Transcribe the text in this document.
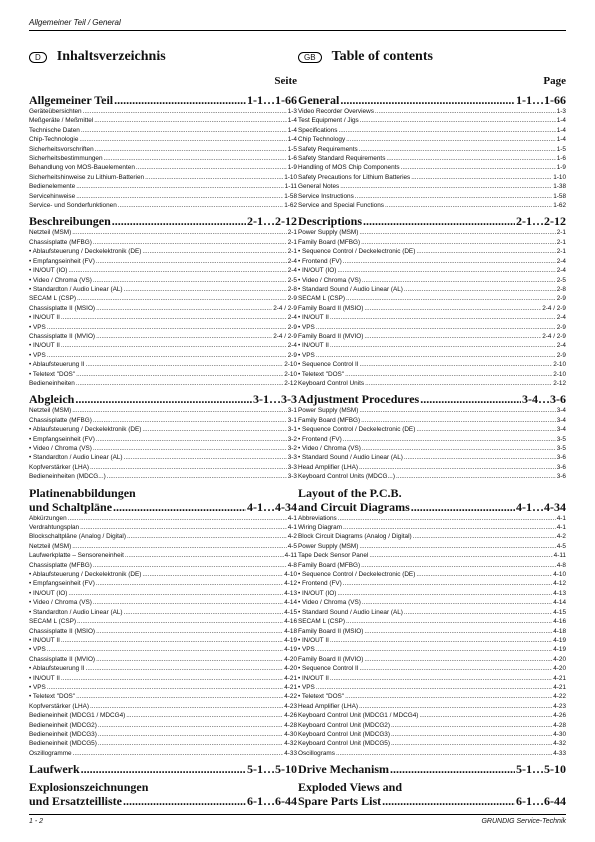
Allgemeiner Teil / General
D	Inhaltsverzeichnis
Seite
Allgemeiner Teil .....	1-1…1-66
Geräteübersichten .....	1-3
Meßgeräte / Meßmittel .....	1-4
Technische Daten .....	1-4
Chip-Technologie .....	1-4
Sicherheitsvorschriften .....	1-5
Sicherheitsbestimmungen .....	1-6
Behandlung von MOS-Bauelementen .....	1-9
Sicherheitshinweise zu Lithium-Batterien .....	1-10
Bedienelemente .....	1-11
Servicehinweise .....	1-58
Service- und Sonderfunktionen .....	1-62
Beschreibungen .....	2-1…2-12
Netzteil (MSM) .....	2-1
Chassisplatte (MFBG) .....	2-1
• Ablaufsteuerung / Deckelektronik (DE) .....	2-1
• Empfangseinheit (FV) .....	2-4
• IN/OUT (IO) .....	2-4
• Video / Chroma (VS) .....	2-5
• Standardton / Audio Linear (AL) .....	2-8
SECAM L (CSP) .....	2-9
Chassisplatte II (MSIO) .....	2-4 / 2-9
• IN/OUT II .....	2-4
• VPS .....	2-9
Chassisplatte II (MVIO) .....	2-4 / 2-9
• IN/OUT II .....	2-4
• VPS .....	2-9
• Ablaufsteuerung II .....	2-10
• Teletext "DOS" .....	2-10
Bedieneinheiten .....	2-12
Abgleich .....	3-1…3-3
Netzteil (MSM) .....	3-1
Chassisplatte (MFBG) .....	3-1
• Ablaufsteuerung / Deckelektronik (DE) .....	3-1
• Empfangseinheit (FV) .....	3-2
• Video / Chroma (VS) .....	3-2
• Standardton / Audio Linear (AL) .....	3-3
Kopfverstärker (LHA) .....	3-3
Bedieneinheiten (MDCG...) .....	3-3
Platinenabbildungen
und Schaltpläne .....	4-1…4-34
Abkürzungen .....	4-1
Verdrahtungsplan .....	4-1
Blockschaltpläne (Analog / Digital) .....	4-2
Netzteil (MSM) .....	4-5
Laufwerkplatte – Sensoreneinheit .....	4-11
Chassisplatte (MFBG) .....	4-8
• Ablaufsteuerung / Deckelektronik (DE) .....	4-10
• Empfangseinheit (FV) .....	4-12
• IN/OUT (IO) .....	4-13
• Video / Chroma (VS) .....	4-14
• Standardton / Audio Linear (AL) .....	4-15
SECAM L (CSP) .....	4-16
Chassisplatte II (MSIO) .....	4-18
• IN/OUT II .....	4-19
• VPS .....	4-19
Chassisplatte II (MVIO) .....	4-20
• Ablaufsteuerung II .....	4-20
• IN/OUT II .....	4-21
• VPS .....	4-21
• Teletext "DOS" .....	4-22
Kopfverstärker (LHA) .....	4-23
Bedieneinheit (MDCG1 / MDCG4) .....	4-26
Bedieneinheit (MDCG2) .....	4-28
Bedieneinheit (MDCG3) .....	4-30
Bedieneinheit (MDCG5) .....	4-32
Oszillogramme .....	4-33
Laufwerk .....	5-1…5-10
Explosionszeichnungen
und Ersatzteilliste .....	6-1…6-44
GB	Table of contents
Page
General .....	1-1…1-66
Video Recorder Overviews .....	1-3
Test Equipment / Jigs .....	1-4
Specifications .....	1-4
Chip Technology .....	1-4
Safety Requirements .....	1-5
Safety Standard Requirements .....	1-6
Handling of MOS Chip Components .....	1-9
Safety Precautions for Lithium Batteries .....	1-10
General Notes .....	1-38
Service Instructions .....	1-58
Service and Special Functions .....	1-62
Descriptions .....	2-1…2-12
Power Supply (MSM) .....	2-1
Family Board (MFBG) .....	2-1
• Sequence Control / Deckelectronic (DE) .....	2-1
• Frontend (FV) .....	2-4
• IN/OUT (IO) .....	2-4
• Video / Chroma (VS) .....	2-5
• Standard Sound / Audio Linear (AL) .....	2-8
SECAM L (CSP) .....	2-9
Family Board II (MSIO) .....	2-4 / 2-9
• IN/OUT II .....	2-4
• VPS .....	2-9
Family Board II (MVIO) .....	2-4 / 2-9
• IN/OUT II .....	2-4
• VPS .....	2-9
• Sequence Control II .....	2-10
• Teletext "DOS" .....	2-10
Keyboard Control Units .....	2-12
Adjustment Procedures .....	3-4…3-6
Power Supply (MSM) .....	3-4
Family Board (MFBG) .....	3-4
• Sequence Control / Deckelectronic (DE) .....	3-4
• Frontend (FV) .....	3-5
• Video / Chroma (VS) .....	3-5
• Standard Sound / Audio Linear (AL) .....	3-6
Head Amplifier (LHA) .....	3-6
Keyboard Control Units (MDCG...) .....	3-6
Layout of the P.C.B.
and Circuit Diagrams .....	4-1…4-34
Abbreviations .....	4-1
Wiring Diagram .....	4-1
Block Circuit Diagrams (Analog / Digital) .....	4-2
Power Supply (MSM) .....	4-5
Tape Deck Sensor Panel .....	4-11
Family Board (MFBG) .....	4-8
• Sequence Control / Deckelectronic (DE) .....	4-10
• Frontend (FV) .....	4-12
• IN/OUT (IO) .....	4-13
• Video / Chroma (VS) .....	4-14
• Standard Sound / Audio Linear (AL) .....	4-15
SECAM L (CSP) .....	4-16
Family Board II (MSIO) .....	4-18
• IN/OUT II .....	4-19
• VPS .....	4-19
Family Board II (MVIO) .....	4-20
• Sequence Control II .....	4-20
• IN/OUT II .....	4-21
• VPS .....	4-21
• Teletext "DOS" .....	4-22
Head Amplifier (LHA) .....	4-23
Keyboard Control Unit (MDCG1 / MDCG4) .....	4-26
Keyboard Control Unit (MDCG2) .....	4-28
Keyboard Control Unit (MDCG3) .....	4-30
Keyboard Control Unit (MDCG5) .....	4-32
Oscillograms .....	4-33
Drive Mechanism .....	5-1…5-10
Exploded Views and
Spare Parts List .....	6-1…6-44
1 - 2	GRUNDIG Service-Technik
